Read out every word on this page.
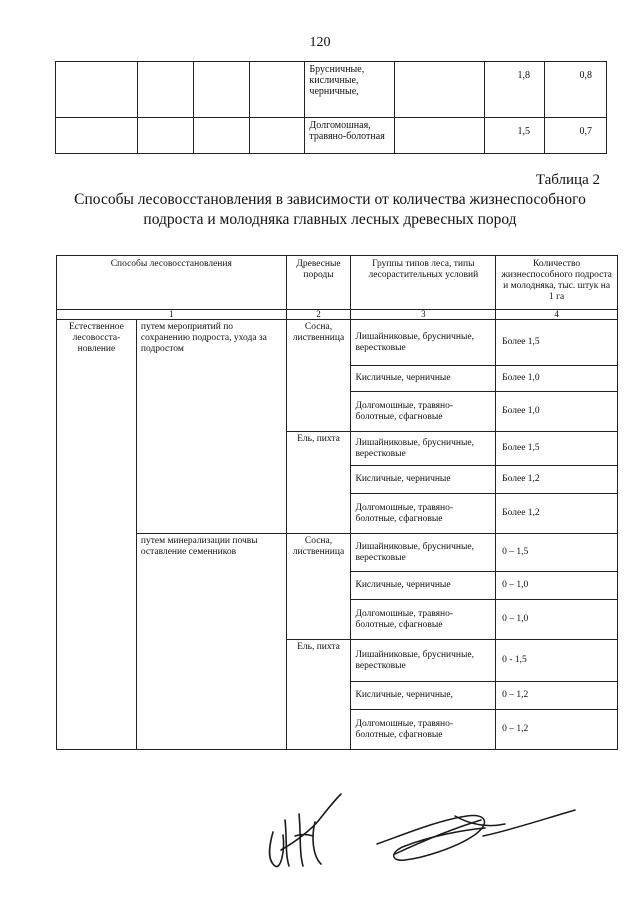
120
				Брусничные,
кисличные,
черничные,		1,8	0,8
				Долгомошная,
травяно-болотная		1,5	0,7
Таблица 2
Способы лесовосстановления в зависимости от количества жизнеспособного подроста и молодняка главных лесных древесных пород
Способы лесовосстановления		Древесные породы	Группы типов леса, типы лесорастительных условий	Количество жизнеспособного подроста и молодняка, тыс. штук на 1 га
1		2	3	4
Естественное лесовосста-новление	путем мероприятий по сохранению подроста, ухода за подростом	Сосна, лиственница	Лишайниковые, брусничные, верестковые	Более 1,5
			Кисличные, черничные	Более 1,0
			Долгомошные, травяно-болотные, сфагновые	Более 1,0
		Ель, пихта	Лишайниковые, брусничные, верестковые	Более 1,5
			Кисличные, черничные	Более 1,2
			Долгомошные, травяно-болотные, сфагновые	Более 1,2
	путем минерализации почвы оставление семенников	Сосна, лиственница	Лишайниковые, брусничные, верестковые	0 – 1,5
			Кисличные, черничные	0 – 1,0
			Долгомошные, травяно-болотные, сфагновые	0 – 1,0
		Ель, пихта	Лишайниковые, брусничные, верестковые	0 - 1,5
			Кисличные, черничные,	0 – 1,2
			Долгомошные, травяно-болотные, сфагновые	0 – 1,2
